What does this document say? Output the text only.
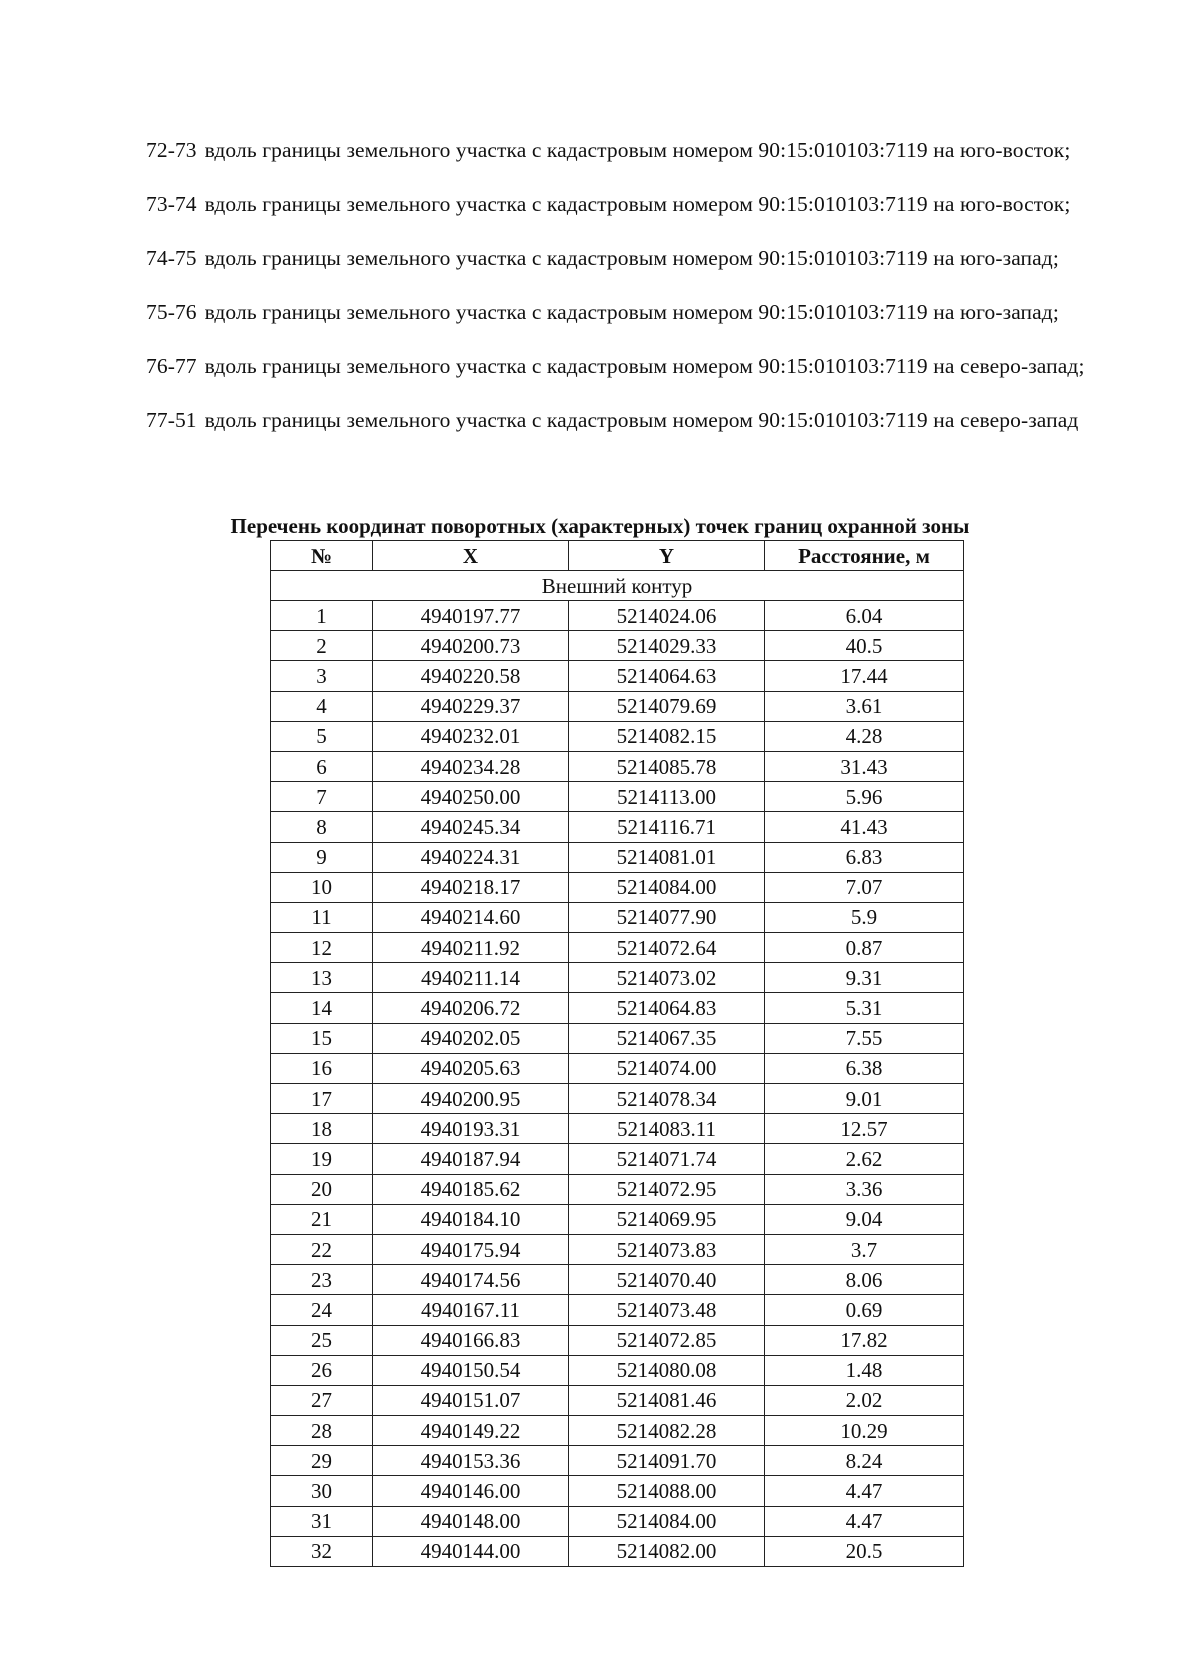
72-73 вдоль границы земельного участка с кадастровым номером 90:15:010103:7119 на юго-восток;
73-74 вдоль границы земельного участка с кадастровым номером 90:15:010103:7119 на юго-восток;
74-75 вдоль границы земельного участка с кадастровым номером 90:15:010103:7119 на юго-запад;
75-76 вдоль границы земельного участка с кадастровым номером 90:15:010103:7119 на юго-запад;
76-77 вдоль границы земельного участка с кадастровым номером 90:15:010103:7119 на северо-запад;
77-51 вдоль границы земельного участка с кадастровым номером 90:15:010103:7119 на северо-запад
Перечень координат поворотных (характерных) точек границ охранной зоны
№	X	Y	Расстояние, м
Внешний контур			
1	4940197.77	5214024.06	6.04
2	4940200.73	5214029.33	40.5
3	4940220.58	5214064.63	17.44
4	4940229.37	5214079.69	3.61
5	4940232.01	5214082.15	4.28
6	4940234.28	5214085.78	31.43
7	4940250.00	5214113.00	5.96
8	4940245.34	5214116.71	41.43
9	4940224.31	5214081.01	6.83
10	4940218.17	5214084.00	7.07
11	4940214.60	5214077.90	5.9
12	4940211.92	5214072.64	0.87
13	4940211.14	5214073.02	9.31
14	4940206.72	5214064.83	5.31
15	4940202.05	5214067.35	7.55
16	4940205.63	5214074.00	6.38
17	4940200.95	5214078.34	9.01
18	4940193.31	5214083.11	12.57
19	4940187.94	5214071.74	2.62
20	4940185.62	5214072.95	3.36
21	4940184.10	5214069.95	9.04
22	4940175.94	5214073.83	3.7
23	4940174.56	5214070.40	8.06
24	4940167.11	5214073.48	0.69
25	4940166.83	5214072.85	17.82
26	4940150.54	5214080.08	1.48
27	4940151.07	5214081.46	2.02
28	4940149.22	5214082.28	10.29
29	4940153.36	5214091.70	8.24
30	4940146.00	5214088.00	4.47
31	4940148.00	5214084.00	4.47
32	4940144.00	5214082.00	20.5
